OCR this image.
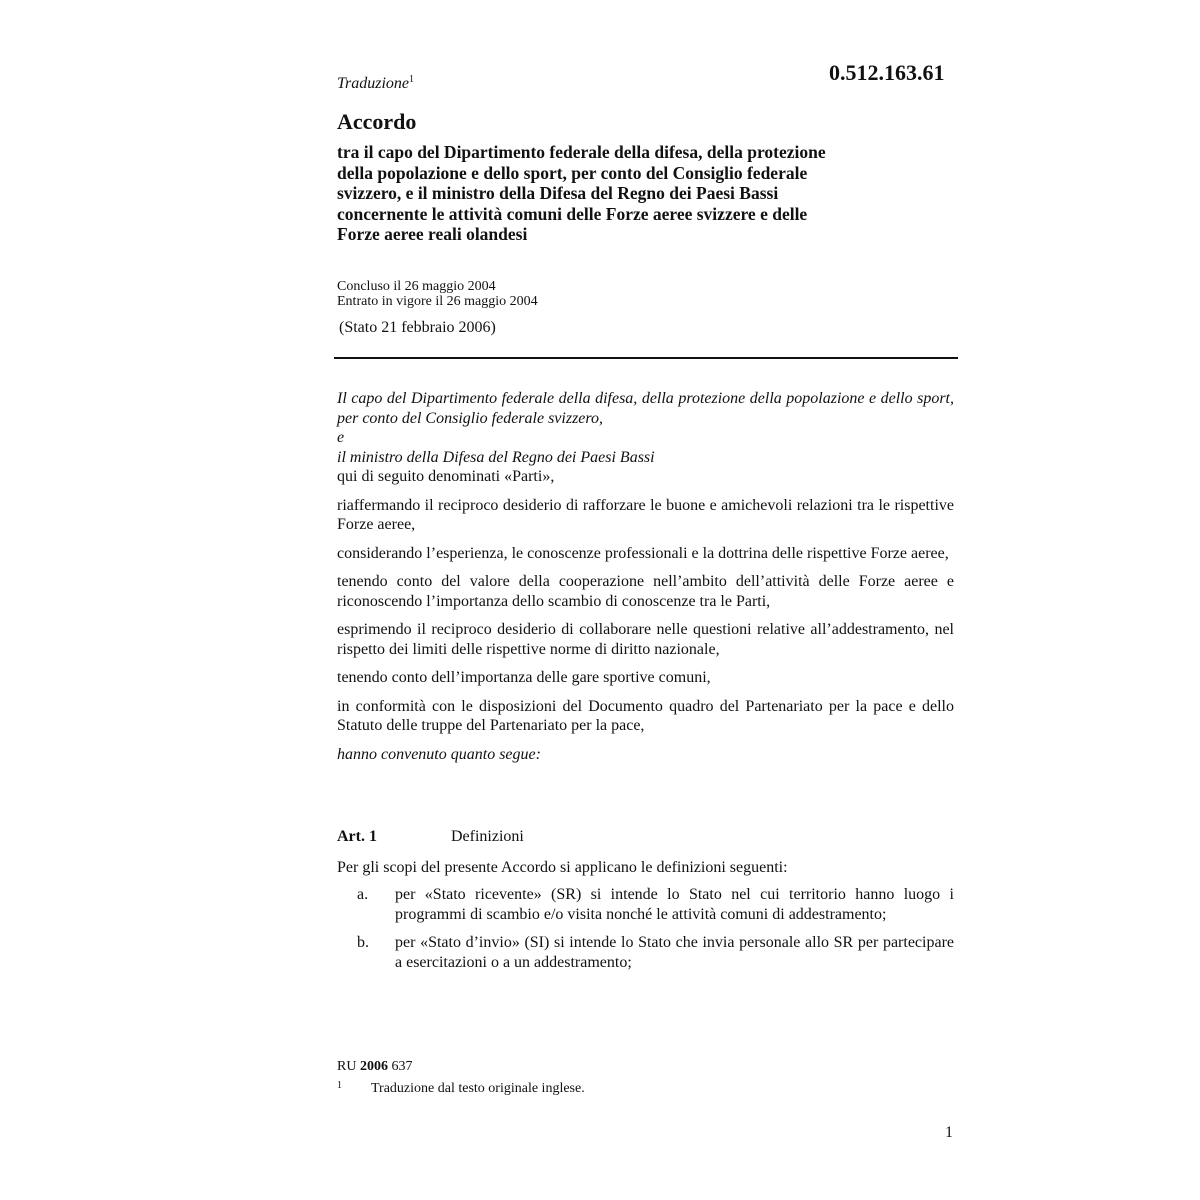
Traduzione$^1$	0.512.163.61
Accordo
tra il capo del Dipartimento federale della difesa, della protezione
della popolazione e dello sport, per conto del Consiglio federale
svizzero, e il ministro della Difesa del Regno dei Paesi Bassi
concernente le attività comuni delle Forze aeree svizzere e delle
Forze aeree reali olandesi
Concluso il 26 maggio 2004
Entrato in vigore il 26 maggio 2004
(Stato 21 febbraio 2006)

Il capo del Dipartimento federale della difesa, della protezione della popolazione e dello sport, per conto del Consiglio federale svizzero,

e

il ministro della Difesa del Regno dei Paesi Bassi

qui di seguito denominati «Parti»,

riaffermando il reciproco desiderio di rafforzare le buone e amichevoli relazioni tra le rispettive Forze aeree,

considerando l’esperienza, le conoscenze professionali e la dottrina delle rispettive Forze aeree,

tenendo conto del valore della cooperazione nell’ambito dell’attività delle Forze aeree e riconoscendo l’importanza dello scambio di conoscenze tra le Parti,

esprimendo il reciproco desiderio di collaborare nelle questioni relative all’addestramento, nel rispetto dei limiti delle rispettive norme di diritto nazionale,

tenendo conto dell’importanza delle gare sportive comuni,

in conformità con le disposizioni del Documento quadro del Partenariato per la pace e dello Statuto delle truppe del Partenariato per la pace,

hanno convenuto quanto segue:

Art. 1	Definizioni
Per gli scopi del presente Accordo si applicano le definizioni seguenti:
a.	per «Stato ricevente» (SR) si intende lo Stato nel cui territorio hanno luogo i programmi di scambio e/o visita nonché le attività comuni di addestramento;
b.	per «Stato d’invio» (SI) si intende lo Stato che invia personale allo SR per partecipare a esercitazioni o a un addestramento;
RU 2006 637
1 Traduzione dal testo originale inglese.
1
